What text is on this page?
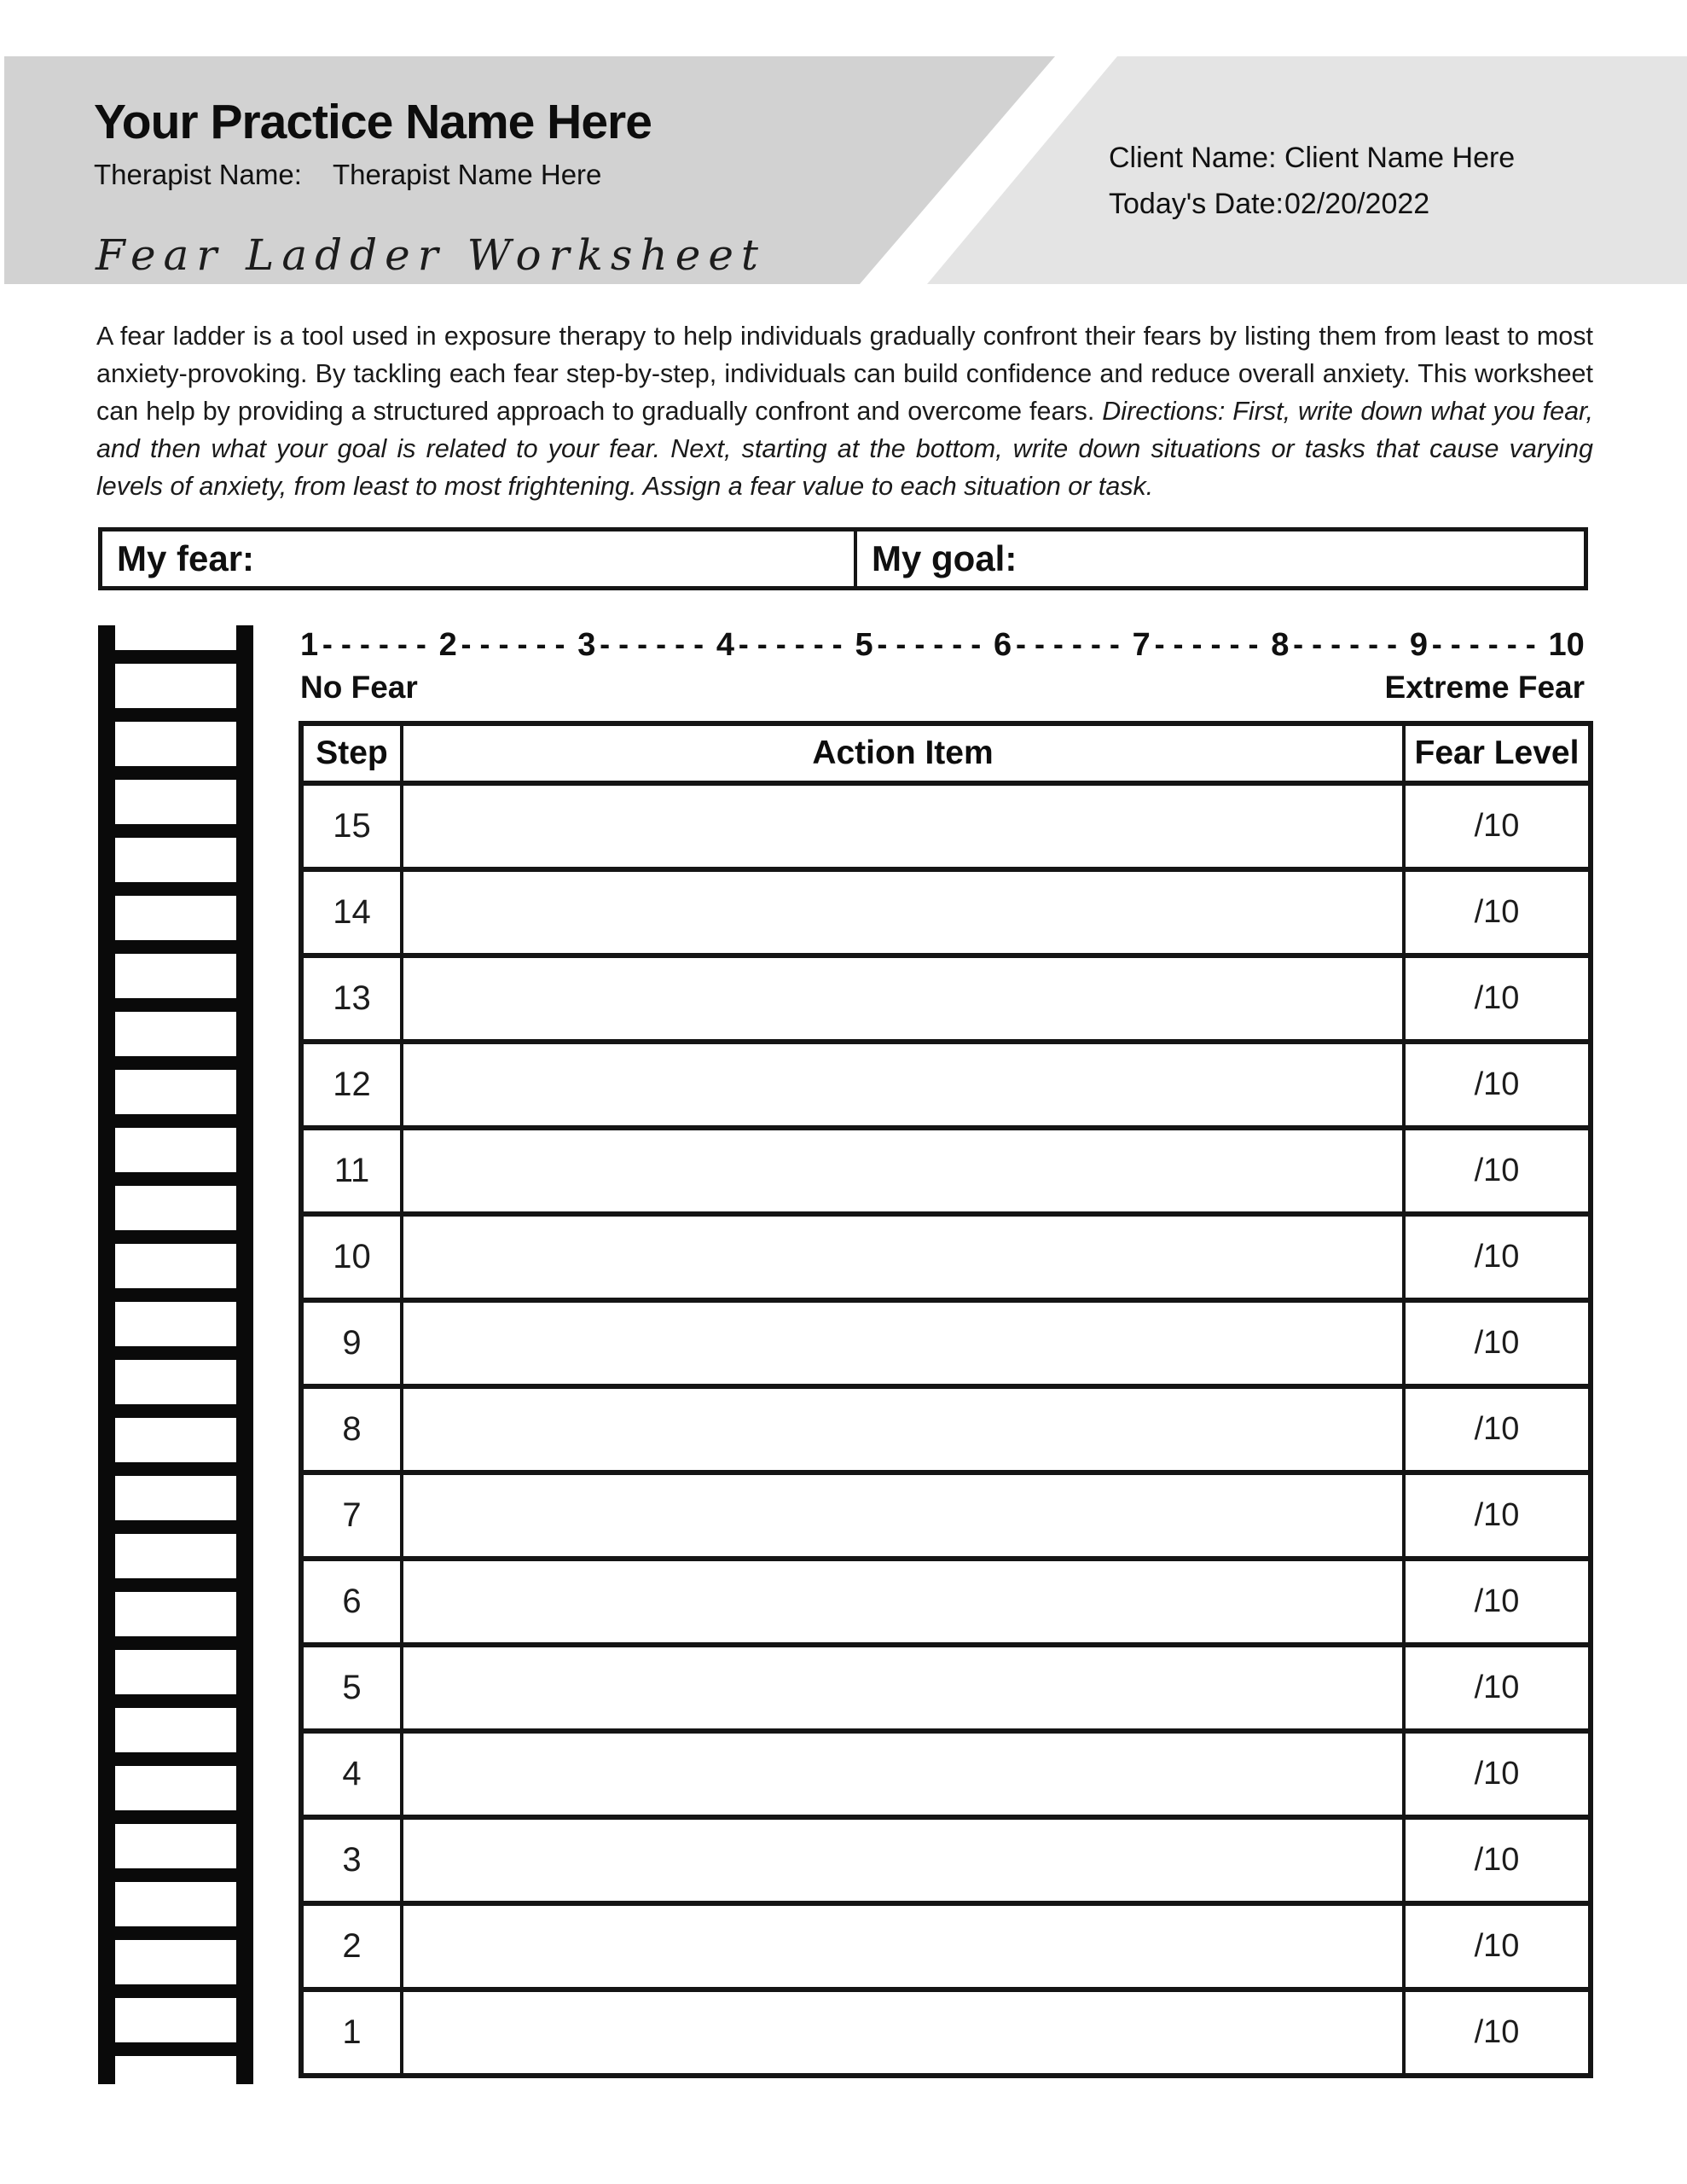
Your Practice Name Here
Therapist Name: Therapist Name Here
Fear Ladder Worksheet
Client Name: Client Name Here
Today's Date: 02/20/2022

A fear ladder is a tool used in exposure therapy to help individuals gradually confront their fears by listing them from least to most anxiety-provoking. By tackling each fear step-by-step, individuals can build confidence and reduce overall anxiety. This worksheet can help by providing a structured approach to gradually confront and overcome fears. Directions: First, write down what you fear, and then what your goal is related to your fear. Next, starting at the bottom, write down situations or tasks that cause varying levels of anxiety, from least to most frightening. Assign a fear value to each situation or task.

My fear:	My goal:
1 ------ 2 ------ 3 ------ 4 ------ 5 ------ 6 ------ 7 ------ 8 ------ 9 ------ 10
No Fear	Extreme Fear
Step	Action Item	Fear Level
15		/10
14		/10
13		/10
12		/10
11		/10
10		/10
9		/10
8		/10
7		/10
6		/10
5		/10
4		/10
3		/10
2		/10
1		/10
